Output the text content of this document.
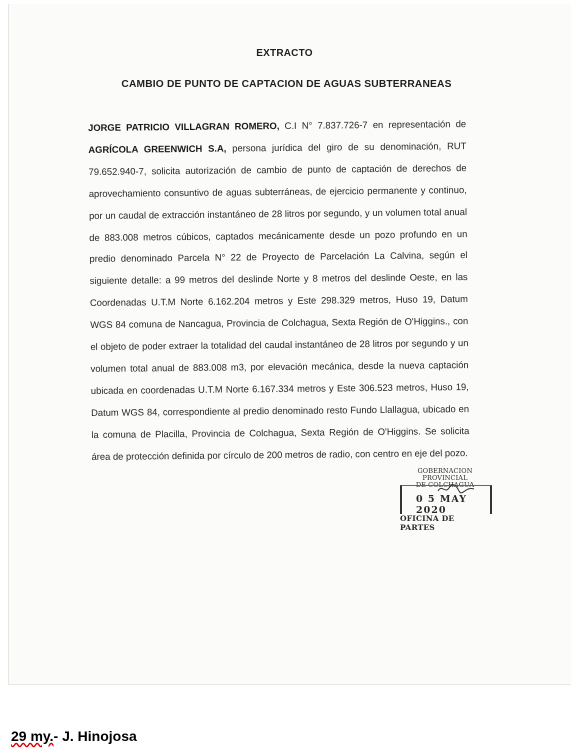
EXTRACTO
CAMBIO DE PUNTO DE CAPTACION DE AGUAS SUBTERRANEAS
JORGE PATRICIO VILLAGRAN ROMERO, C.I N° 7.837.726-7 en representación de AGRÍCOLA GREENWICH S.A, persona jurídica del giro de su denominación, RUT 79.652.940-7, solicita autorización de cambio de punto de captación de derechos de aprovechamiento consuntivo de aguas subterráneas, de ejercicio permanente y continuo, por un caudal de extracción instantáneo de 28 litros por segundo, y un volumen total anual de 883.008 metros cúbicos, captados mecánicamente desde un pozo profundo en un predio denominado Parcela N° 22 de Proyecto de Parcelación La Calvina, según el siguiente detalle: a 99 metros del deslinde Norte y 8 metros del deslinde Oeste, en las Coordenadas U.T.M Norte 6.162.204 metros y Este 298.329 metros, Huso 19, Datum WGS 84 comuna de Nancagua, Provincia de Colchagua, Sexta Región de O'Higgins., con el objeto de poder extraer la totalidad del caudal instantáneo de 28 litros por segundo y un volumen total anual de 883.008 m3, por elevación mecánica, desde la nueva captación ubicada en coordenadas U.T.M Norte 6.167.334 metros y Este 306.523 metros, Huso 19, Datum WGS 84, correspondiente al predio denominado resto Fundo Llallagua, ubicado en la comuna de Placilla, Provincia de Colchagua, Sexta Región de O'Higgins. Se solicita área de protección definida por círculo de 200 metros de radio, con centro en eje del pozo.
GOBERNACION PROVINCIAL
DE COLCHAGUA
0 5 MAY 2020
OFICINA DE PARTES
29 my.- J. Hinojosa
